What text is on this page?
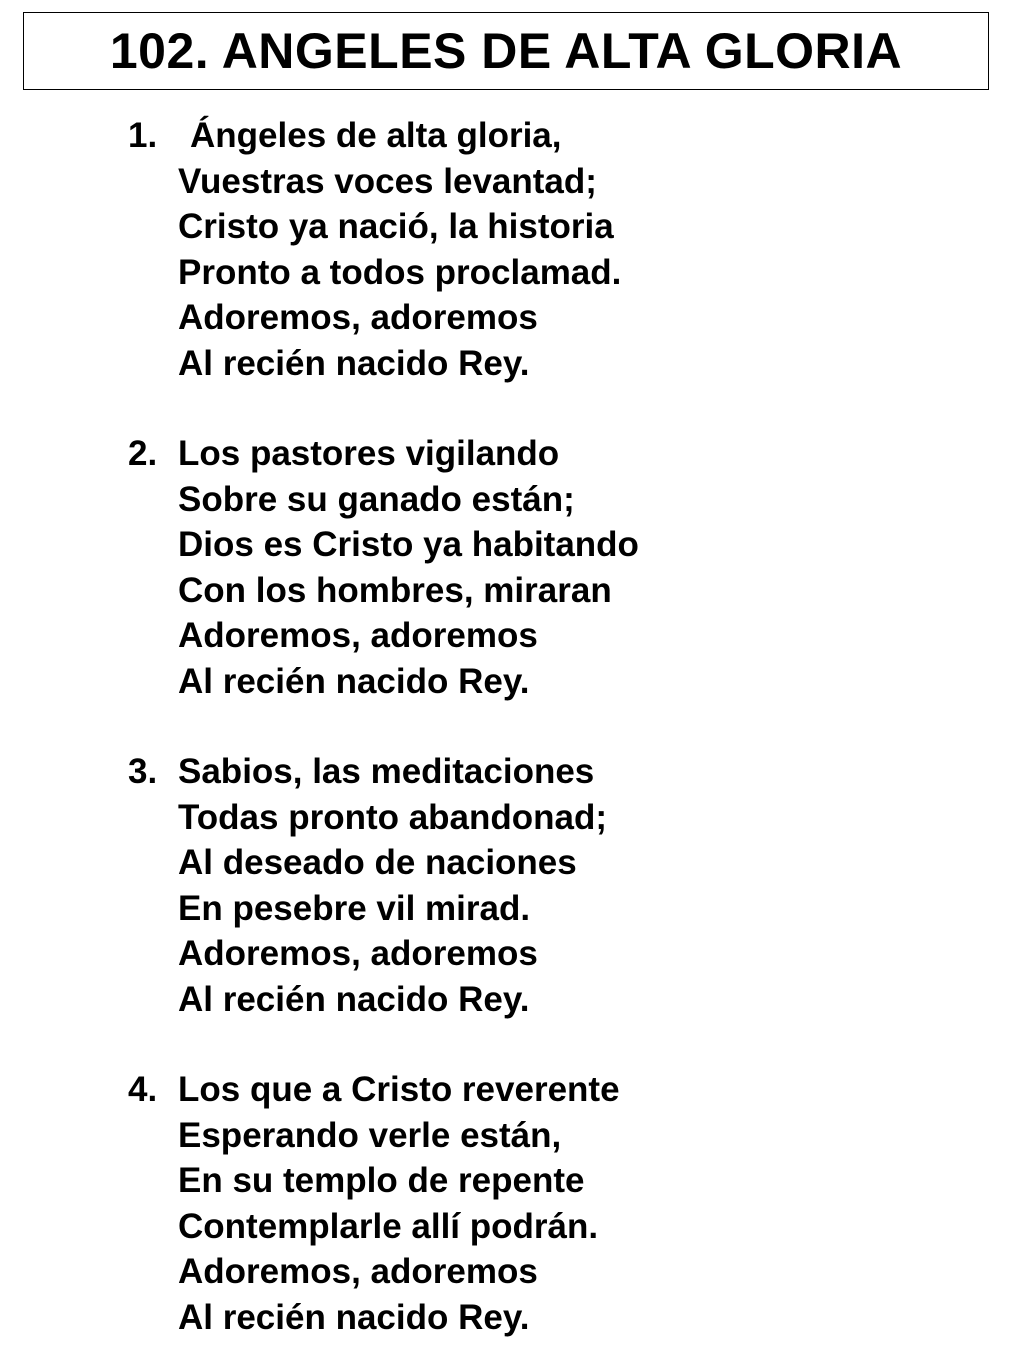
102. ANGELES DE ALTA GLORIA
1. Ángeles de alta gloria,
Vuestras voces levantad;
Cristo ya nació, la historia
Pronto a todos proclamad.
Adoremos, adoremos
Al recién nacido Rey.
2. Los pastores vigilando
Sobre su ganado están;
Dios es Cristo ya habitando
Con los hombres, miraran
Adoremos, adoremos
Al recién nacido Rey.
3. Sabios, las meditaciones
Todas pronto abandonad;
Al deseado de naciones
En pesebre vil mirad.
Adoremos, adoremos
Al recién nacido Rey.
4. Los que a Cristo reverente
Esperando verle están,
En su templo de repente
Contemplarle allí podrán.
Adoremos, adoremos
Al recién nacido Rey.
